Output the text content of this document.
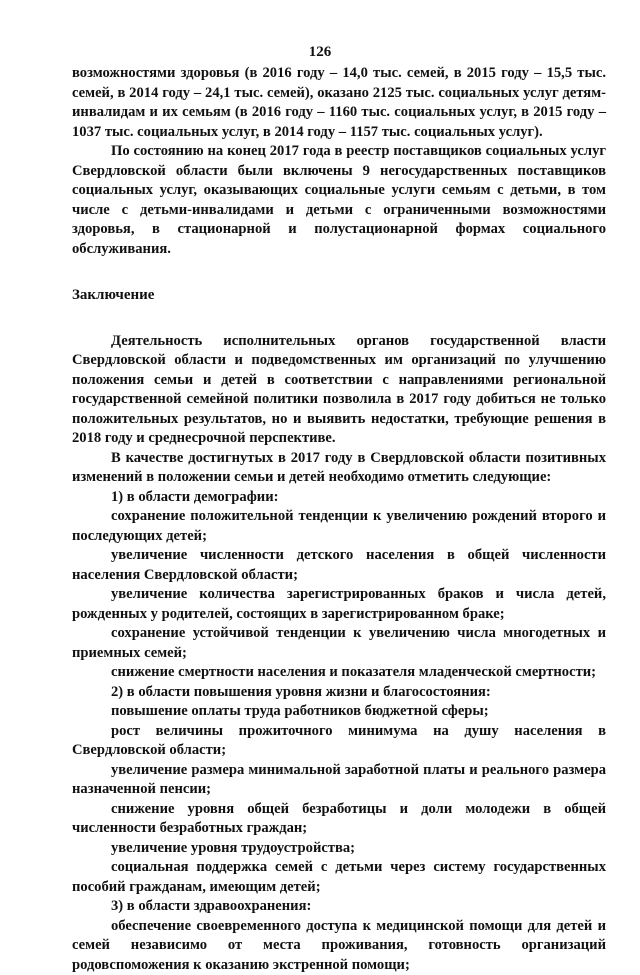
126

возможностями здоровья (в 2016 году – 14,0 тыс. семей, в 2015 году – 15,5 тыс. семей, в 2014 году – 24,1 тыс. семей), оказано 2125 тыс. социальных услуг детям-инвалидам и их семьям (в 2016 году – 1160 тыс. социальных услуг, в 2015 году – 1037 тыс. социальных услуг, в 2014 году – 1157 тыс. социальных услуг).

По состоянию на конец 2017 года в реестр поставщиков социальных услуг Свердловской области были включены 9 негосударственных поставщиков социальных услуг, оказывающих социальные услуги семьям с детьми, в том числе с детьми-инвалидами и детьми с ограниченными возможностями здоровья, в стационарной и полустационарной формах социального обслуживания.

Заключение

Деятельность исполнительных органов государственной власти Свердловской области и подведомственных им организаций по улучшению положения семьи и детей в соответствии с направлениями региональной государственной семейной политики позволила в 2017 году добиться не только положительных результатов, но и выявить недостатки, требующие решения в 2018 году и среднесрочной перспективе.

В качестве достигнутых в 2017 году в Свердловской области позитивных изменений в положении семьи и детей необходимо отметить следующие:

1) в области демографии:

сохранение положительной тенденции к увеличению рождений второго и последующих детей;

увеличение численности детского населения в общей численности населения Свердловской области;

увеличение количества зарегистрированных браков и числа детей, рожденных у родителей, состоящих в зарегистрированном браке;

сохранение устойчивой тенденции к увеличению числа многодетных и приемных семей;

снижение смертности населения и показателя младенческой смертности;

2) в области повышения уровня жизни и благосостояния:

повышение оплаты труда работников бюджетной сферы;

рост величины прожиточного минимума на душу населения в Свердловской области;

увеличение размера минимальной заработной платы и реального размера назначенной пенсии;

снижение уровня общей безработицы и доли молодежи в общей численности безработных граждан;

увеличение уровня трудоустройства;

социальная поддержка семей с детьми через систему государственных пособий гражданам, имеющим детей;

3) в области здравоохранения:

обеспечение своевременного доступа к медицинской помощи для детей и семей независимо от места проживания, готовность организаций родовспоможения к оказанию экстренной помощи;
